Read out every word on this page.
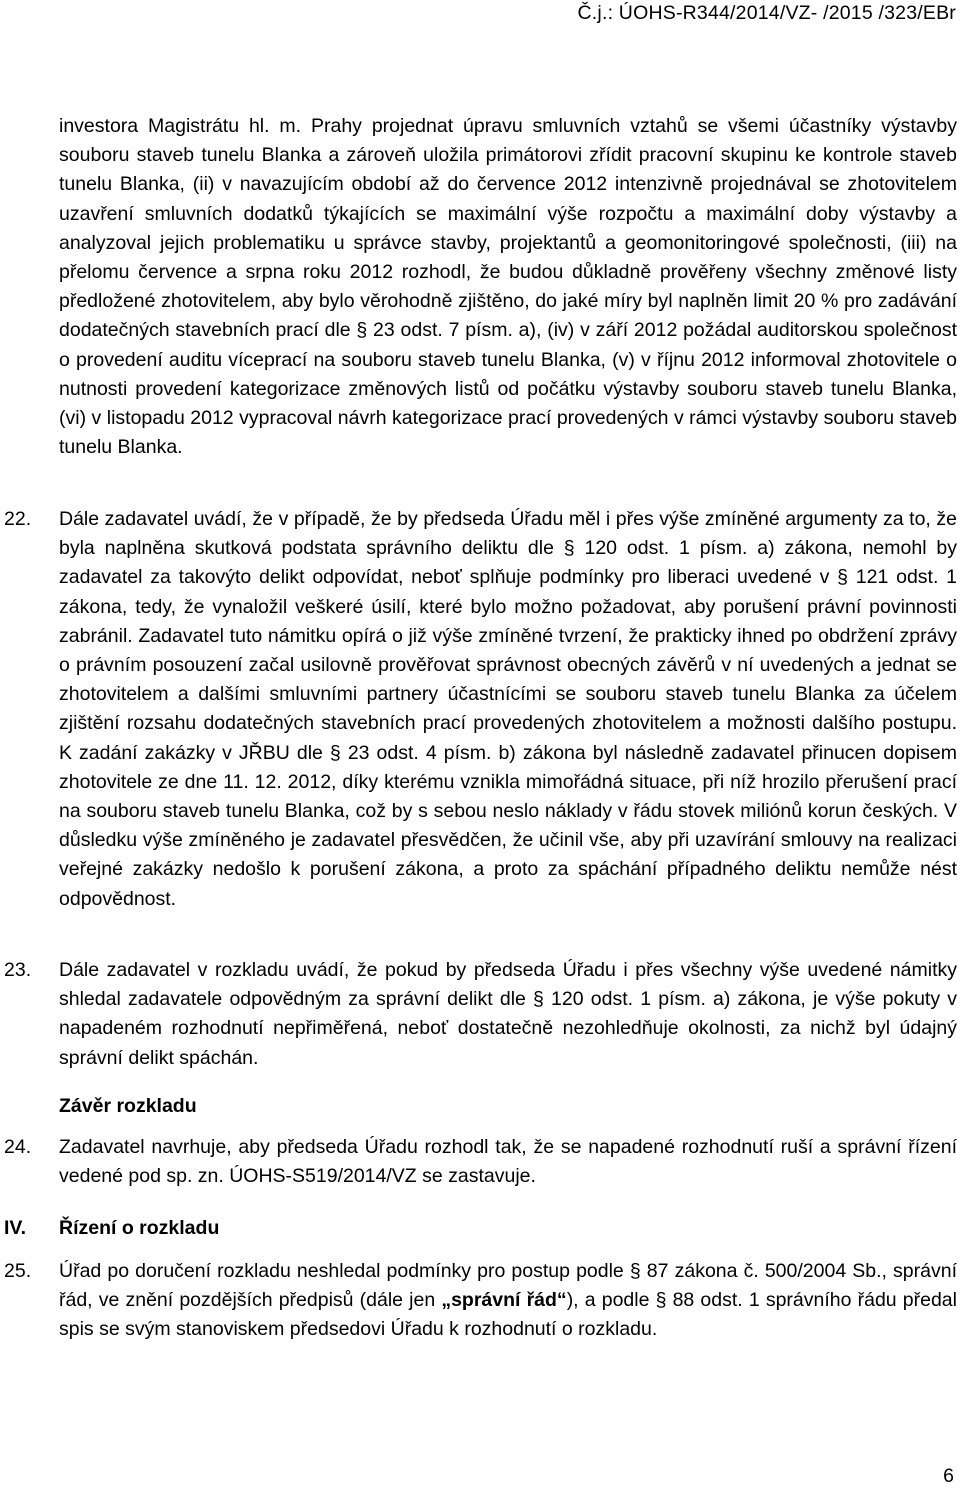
Č.j.: ÚOHS-R344/2014/VZ- /2015 /323/EBr

investora Magistrátu hl. m. Prahy projednat úpravu smluvních vztahů se všemi účastníky výstavby souboru staveb tunelu Blanka a zároveň uložila primátorovi zřídit pracovní skupinu ke kontrole staveb tunelu Blanka, (ii) v navazujícím období až do července 2012 intenzivně projednával se zhotovitelem uzavření smluvních dodatků týkajících se maximální výše rozpočtu a maximální doby výstavby a analyzoval jejich problematiku u správce stavby, projektantů a geomonitoringové společnosti, (iii) na přelomu července a srpna roku 2012 rozhodl, že budou důkladně prověřeny všechny změnové listy předložené zhotovitelem, aby bylo věrohodně zjištěno, do jaké míry byl naplněn limit 20 % pro zadávání dodatečných stavebních prací dle § 23 odst. 7 písm. a), (iv) v září 2012 požádal auditorskou společnost o provedení auditu víceprací na souboru staveb tunelu Blanka, (v) v říjnu 2012 informoval zhotovitele o nutnosti provedení kategorizace změnových listů od počátku výstavby souboru staveb tunelu Blanka, (vi) v listopadu 2012 vypracoval návrh kategorizace prací provedených v rámci výstavby souboru staveb tunelu Blanka.

22. Dále zadavatel uvádí, že v případě, že by předseda Úřadu měl i přes výše zmíněné argumenty za to, že byla naplněna skutková podstata správního deliktu dle § 120 odst. 1 písm. a) zákona, nemohl by zadavatel za takovýto delikt odpovídat, neboť splňuje podmínky pro liberaci uvedené v § 121 odst. 1 zákona, tedy, že vynaložil veškeré úsilí, které bylo možno požadovat, aby porušení právní povinnosti zabránil. Zadavatel tuto námitku opírá o již výše zmíněné tvrzení, že prakticky ihned po obdržení zprávy o právním posouzení začal usilovně prověřovat správnost obecných závěrů v ní uvedených a jednat se zhotovitelem a dalšími smluvními partnery účastnícími se souboru staveb tunelu Blanka za účelem zjištění rozsahu dodatečných stavebních prací provedených zhotovitelem a možnosti dalšího postupu. K zadání zakázky v JŘBU dle § 23 odst. 4 písm. b) zákona byl následně zadavatel přinucen dopisem zhotovitele ze dne 11. 12. 2012, díky kterému vznikla mimořádná situace, při níž hrozilo přerušení prací na souboru staveb tunelu Blanka, což by s sebou neslo náklady v řádu stovek miliónů korun českých. V důsledku výše zmíněného je zadavatel přesvědčen, že učinil vše, aby při uzavírání smlouvy na realizaci veřejné zakázky nedošlo k porušení zákona, a proto za spáchání případného deliktu nemůže nést odpovědnost.

23. Dále zadavatel v rozkladu uvádí, že pokud by předseda Úřadu i přes všechny výše uvedené námitky shledal zadavatele odpovědným za správní delikt dle § 120 odst. 1 písm. a) zákona, je výše pokuty v napadeném rozhodnutí nepřiměřená, neboť dostatečně nezohledňuje okolnosti, za nichž byl údajný správní delikt spáchán.

Závěr rozkladu
24. Zadavatel navrhuje, aby předseda Úřadu rozhodl tak, že se napadené rozhodnutí ruší a správní řízení vedené pod sp. zn. ÚOHS-S519/2014/VZ se zastavuje.

IV. Řízení o rozkladu
25. Úřad po doručení rozkladu neshledal podmínky pro postup podle § 87 zákona č. 500/2004 Sb., správní řád, ve znění pozdějších předpisů (dále jen „správní řád“), a podle § 88 odst. 1 správního řádu předal spis se svým stanoviskem předsedovi Úřadu k rozhodnutí o rozkladu.

6
